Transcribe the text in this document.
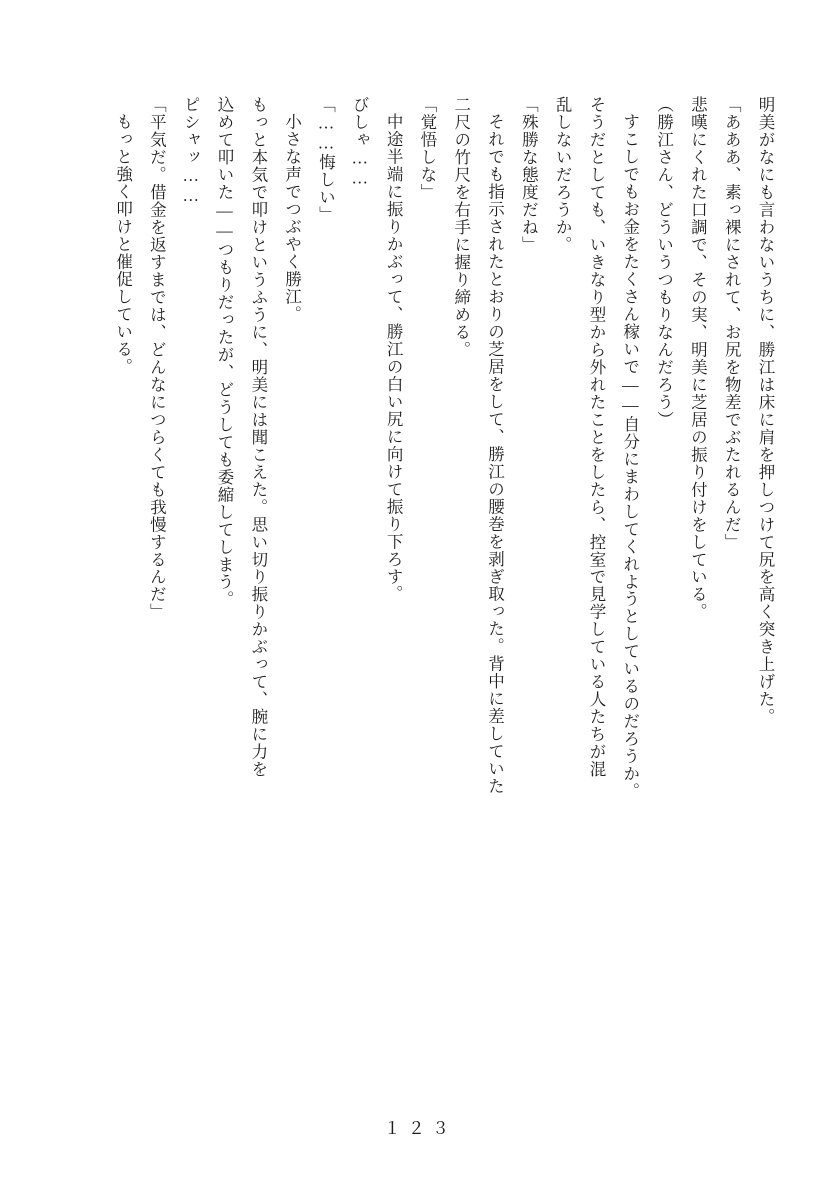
明美がなにも言わないうちに、勝江は床に肩を押しつけて尻を高く突き上げた。
「あああ、素っ裸にされて、お尻を物差でぶたれるんだ」
悲嘆にくれた口調で、その実、明美に芝居の振り付けをしている。
（勝江さん、どういうつもりなんだろう）
すこしでもお金をたくさん稼いで——自分にまわしてくれようとしているのだろうか。
そうだとしても、いきなり型から外れたことをしたら、控室で見学している人たちが混
乱しないだろうか。
「殊勝な態度だね」
それでも指示されたとおりの芝居をして、勝江の腰巻を剥ぎ取った。背中に差していた
二尺の竹尺を右手に握り締める。
「覚悟しな」
中途半端に振りかぶって、勝江の白い尻に向けて振り下ろす。
びしゃ……
「……悔しい」
小さな声でつぶやく勝江。
もっと本気で叩けというふうに、明美には聞こえた。思い切り振りかぶって、腕に力を
込めて叩いた——つもりだったが、どうしても委縮してしまう。
ピシャッ……
「平気だ。借金を返すまでは、どんなにつらくても我慢するんだ」
もっと強く叩けと催促している。
１２３
